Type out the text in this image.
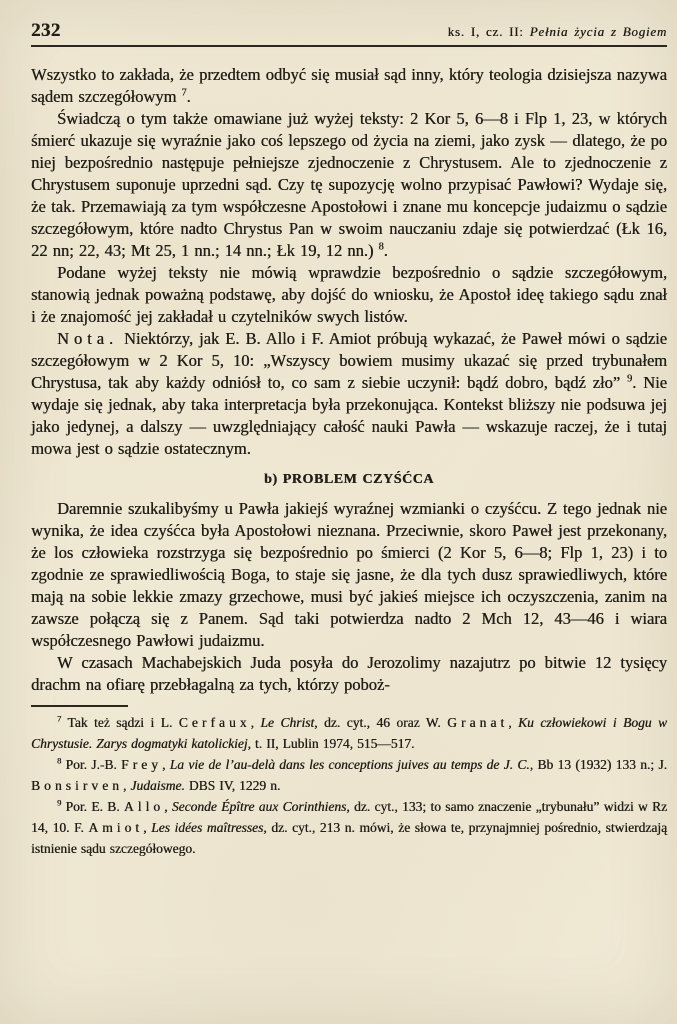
232	ks. I, cz. II: Pełnia życia z Bogiem

Wszystko to zakłada, że przedtem odbyć się musiał sąd inny, który teologia dzisiejsza nazywa sądem szczegółowym $^7$.

Świadczą o tym także omawiane już wyżej teksty: 2 Kor 5, 6—8 i Flp 1, 23, w których śmierć ukazuje się wyraźnie jako coś lepszego od życia na ziemi, jako zysk — dlatego, że po niej bezpośrednio następuje pełniejsze zjednoczenie z Chrystusem. Ale to zjednoczenie z Chrystusem suponuje uprzedni sąd. Czy tę supozycję wolno przypisać Pawłowi? Wydaje się, że tak. Przemawiają za tym współczesne Apostołowi i znane mu koncepcje judaizmu o sądzie szczegółowym, które nadto Chrystus Pan w swoim nauczaniu zdaje się potwierdzać (Łk 16, 22 nn; 22, 43; Mt 25, 1 nn.; 14 nn.; Łk 19, 12 nn.) $^8$.

Podane wyżej teksty nie mówią wprawdzie bezpośrednio o sądzie szczegółowym, stanowią jednak poważną podstawę, aby dojść do wniosku, że Apostoł ideę takiego sądu znał i że znajomość jej zakładał u czytelników swych listów.

Nota. Niektórzy, jak E. B. Allo i F. Amiot próbują wykazać, że Paweł mówi o sądzie szczegółowym w 2 Kor 5, 10: „Wszyscy bowiem musimy ukazać się przed trybunałem Chrystusa, tak aby każdy odniósł to, co sam z siebie uczynił: bądź dobro, bądź zło” $^9$. Nie wydaje się jednak, aby taka interpretacja była przekonująca. Kontekst bliższy nie podsuwa jej jako jedynej, a dalszy — uwzględniający całość nauki Pawła — wskazuje raczej, że i tutaj mowa jest o sądzie ostatecznym.

b) PROBLEM CZYŚĆCA

Daremnie szukalibyśmy u Pawła jakiejś wyraźnej wzmianki o czyśćcu. Z tego jednak nie wynika, że idea czyśćca była Apostołowi nieznana. Przeciwnie, skoro Paweł jest przekonany, że los człowieka rozstrzyga się bezpośrednio po śmierci (2 Kor 5, 6—8; Flp 1, 23) i to zgodnie ze sprawiedliwością Boga, to staje się jasne, że dla tych dusz sprawiedliwych, które mają na sobie lekkie zmazy grzechowe, musi być jakieś miejsce ich oczyszczenia, zanim na zawsze połączą się z Panem. Sąd taki potwierdza nadto 2 Mch 12, 43—46 i wiara współczesnego Pawłowi judaizmu.

W czasach Machabejskich Juda posyła do Jerozolimy nazajutrz po bitwie 12 tysięcy drachm na ofiarę przebłagalną za tych, którzy poboż-

$^7$ Tak też sądzi i L. Cerfaux, Le Christ, dz. cyt., 46 oraz W. Granat, Ku człowiekowi i Bogu w Chrystusie. Zarys dogmatyki katolickiej, t. II, Lublin 1974, 515—517.

$^8$ Por. J.-B. Frey, La vie de l’au-delà dans les conceptions juives au temps de J. C., Bb 13 (1932) 133 n.; J. Bonsirven, Judaisme. DBS IV, 1229 n.

$^9$ Por. E. B. Allo, Seconde Épître aux Corinthiens, dz. cyt., 133; to samo znaczenie „trybunału” widzi w Rz 14, 10. F. Amiot, Les idées maîtresses, dz. cyt., 213 n. mówi, że słowa te, przynajmniej pośrednio, stwierdzają istnienie sądu szczegółowego.
